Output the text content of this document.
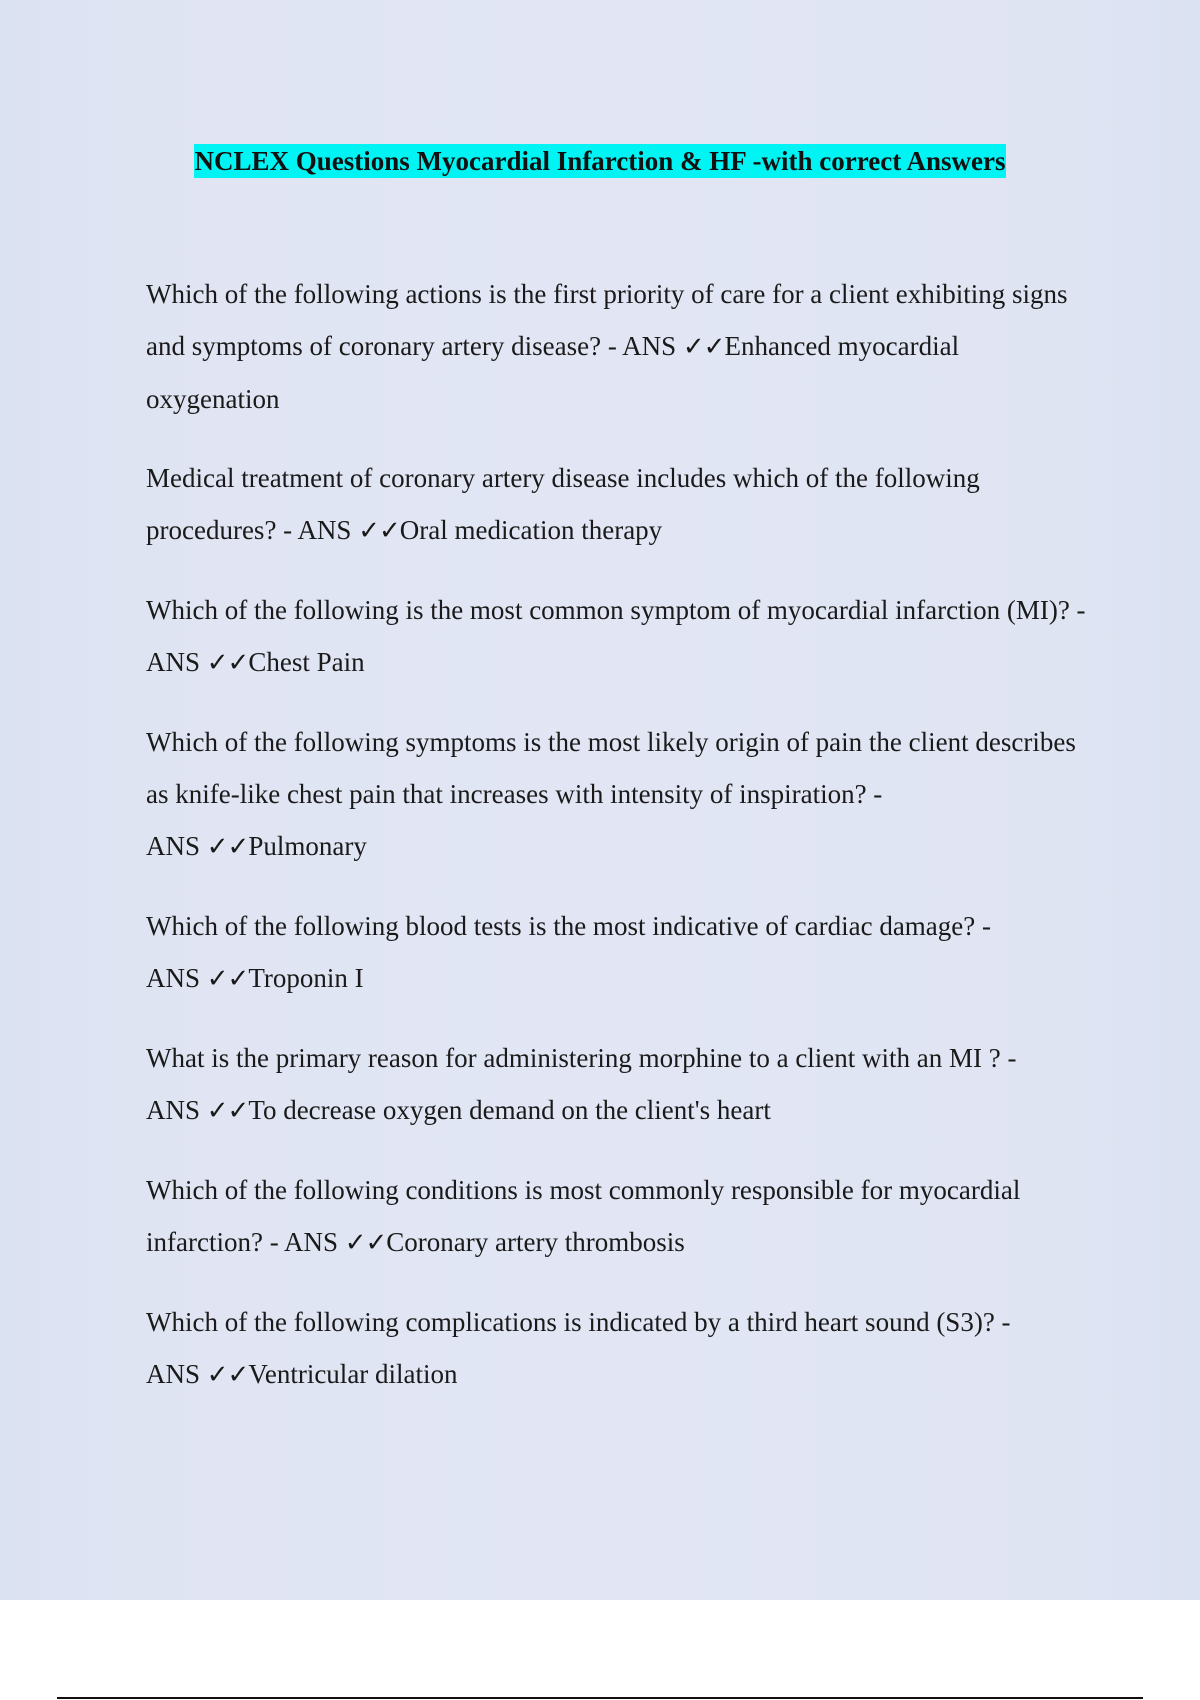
NCLEX Questions Myocardial Infarction & HF -with correct Answers

Which of the following actions is the first priority of care for a client exhibiting signs and symptoms of coronary artery disease? - ANS ✓✓Enhanced myocardial oxygenation

Medical treatment of coronary artery disease includes which of the following procedures? - ANS ✓✓Oral medication therapy

Which of the following is the most common symptom of myocardial infarction (MI)? - ANS ✓✓Chest Pain

Which of the following symptoms is the most likely origin of pain the client describes as knife-like chest pain that increases with intensity of inspiration? - ANS ✓✓Pulmonary

Which of the following blood tests is the most indicative of cardiac damage? - ANS ✓✓Troponin I

What is the primary reason for administering morphine to a client with an MI ? - ANS ✓✓To decrease oxygen demand on the client's heart

Which of the following conditions is most commonly responsible for myocardial infarction? - ANS ✓✓Coronary artery thrombosis

Which of the following complications is indicated by a third heart sound (S3)? - ANS ✓✓Ventricular dilation
